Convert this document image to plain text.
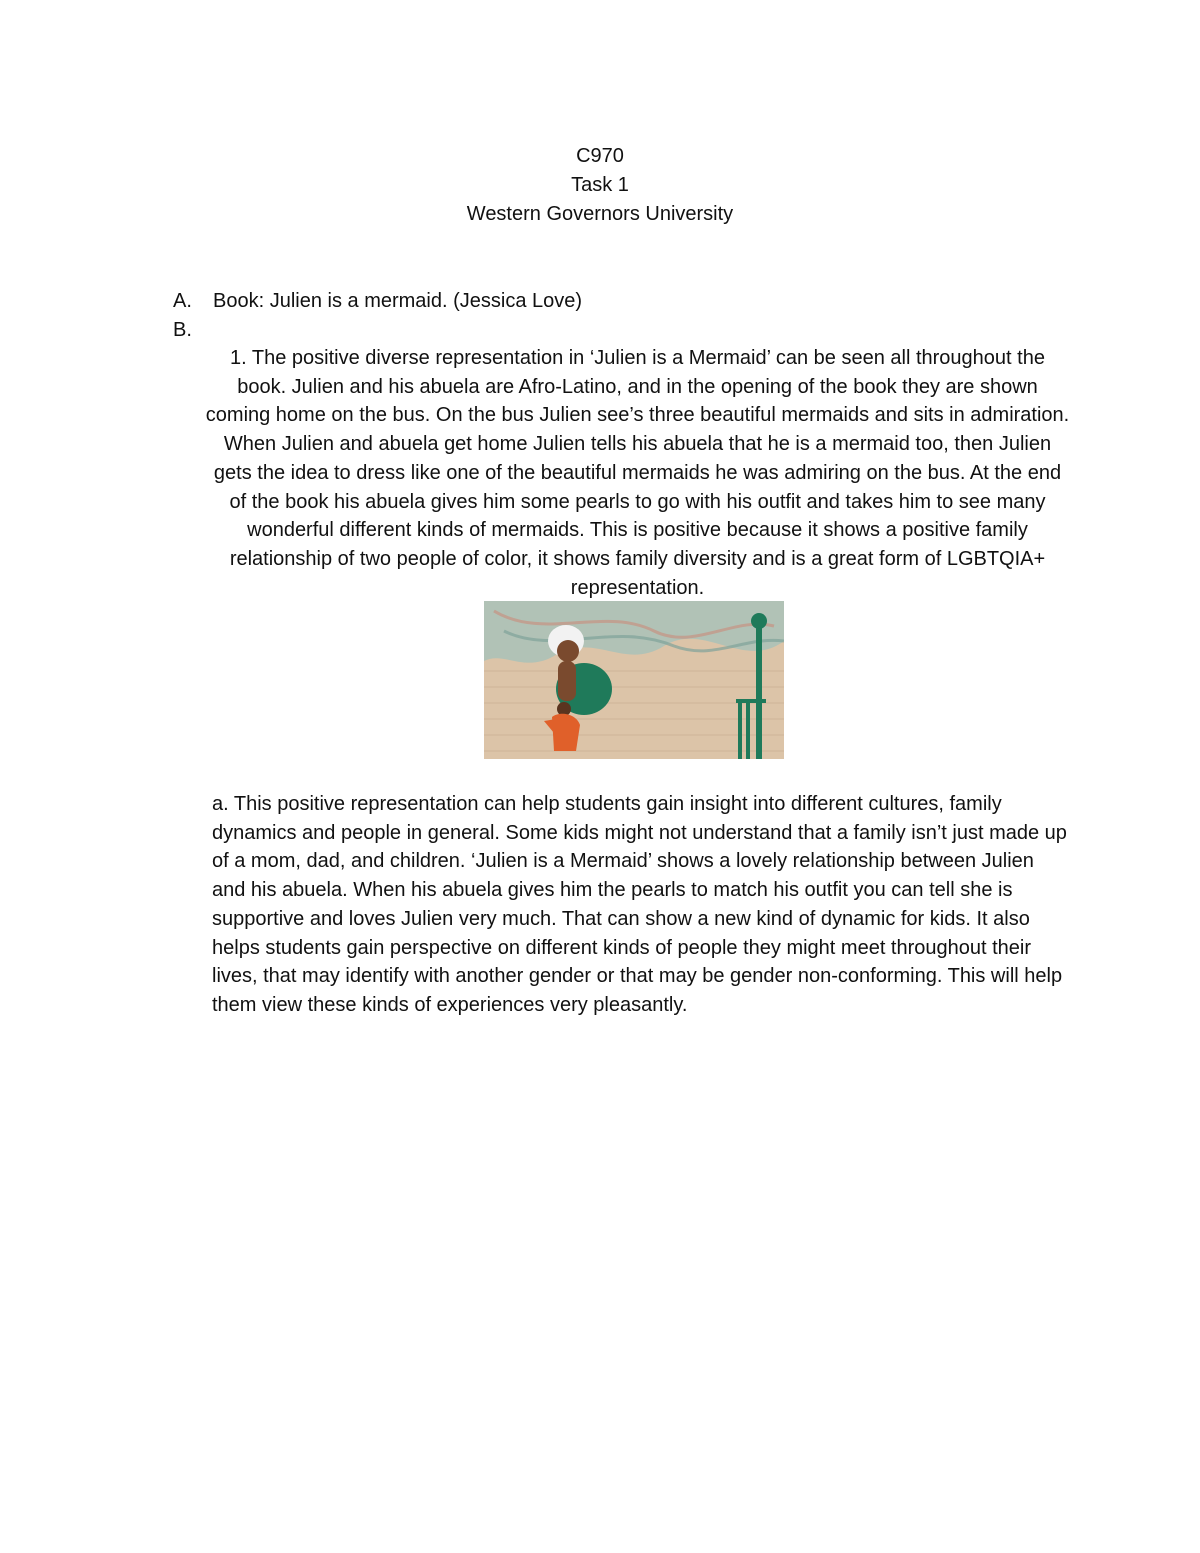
C970
Task 1
Western Governors University
A.	Book: Julien is a mermaid. (Jessica Love)
B.
1. The positive diverse representation in ‘Julien is a Mermaid’ can be seen all throughout the book. Julien and his abuela are Afro-Latino, and in the opening of the book they are shown coming home on the bus. On the bus Julien see’s three beautiful mermaids and sits in admiration. When Julien and abuela get home Julien tells his abuela that he is a mermaid too, then Julien gets the idea to dress like one of the beautiful mermaids he was admiring on the bus. At the end of the book his abuela gives him some pearls to go with his outfit and takes him to see many wonderful different kinds of mermaids. This is positive because it shows a positive family relationship of two people of color, it shows family diversity and is a great form of LGBTQIA+ representation.
a. This positive representation can help students gain insight into different cultures, family dynamics and people in general. Some kids might not understand that a family isn’t just made up of a mom, dad, and children. ‘Julien is a Mermaid’ shows a lovely relationship between Julien and his abuela. When his abuela gives him the pearls to match his outfit you can tell she is supportive and loves Julien very much. That can show a new kind of dynamic for kids. It also helps students gain perspective on different kinds of people they might meet throughout their lives, that may identify with another gender or that may be gender non-conforming. This will help them view these kinds of experiences very pleasantly.
